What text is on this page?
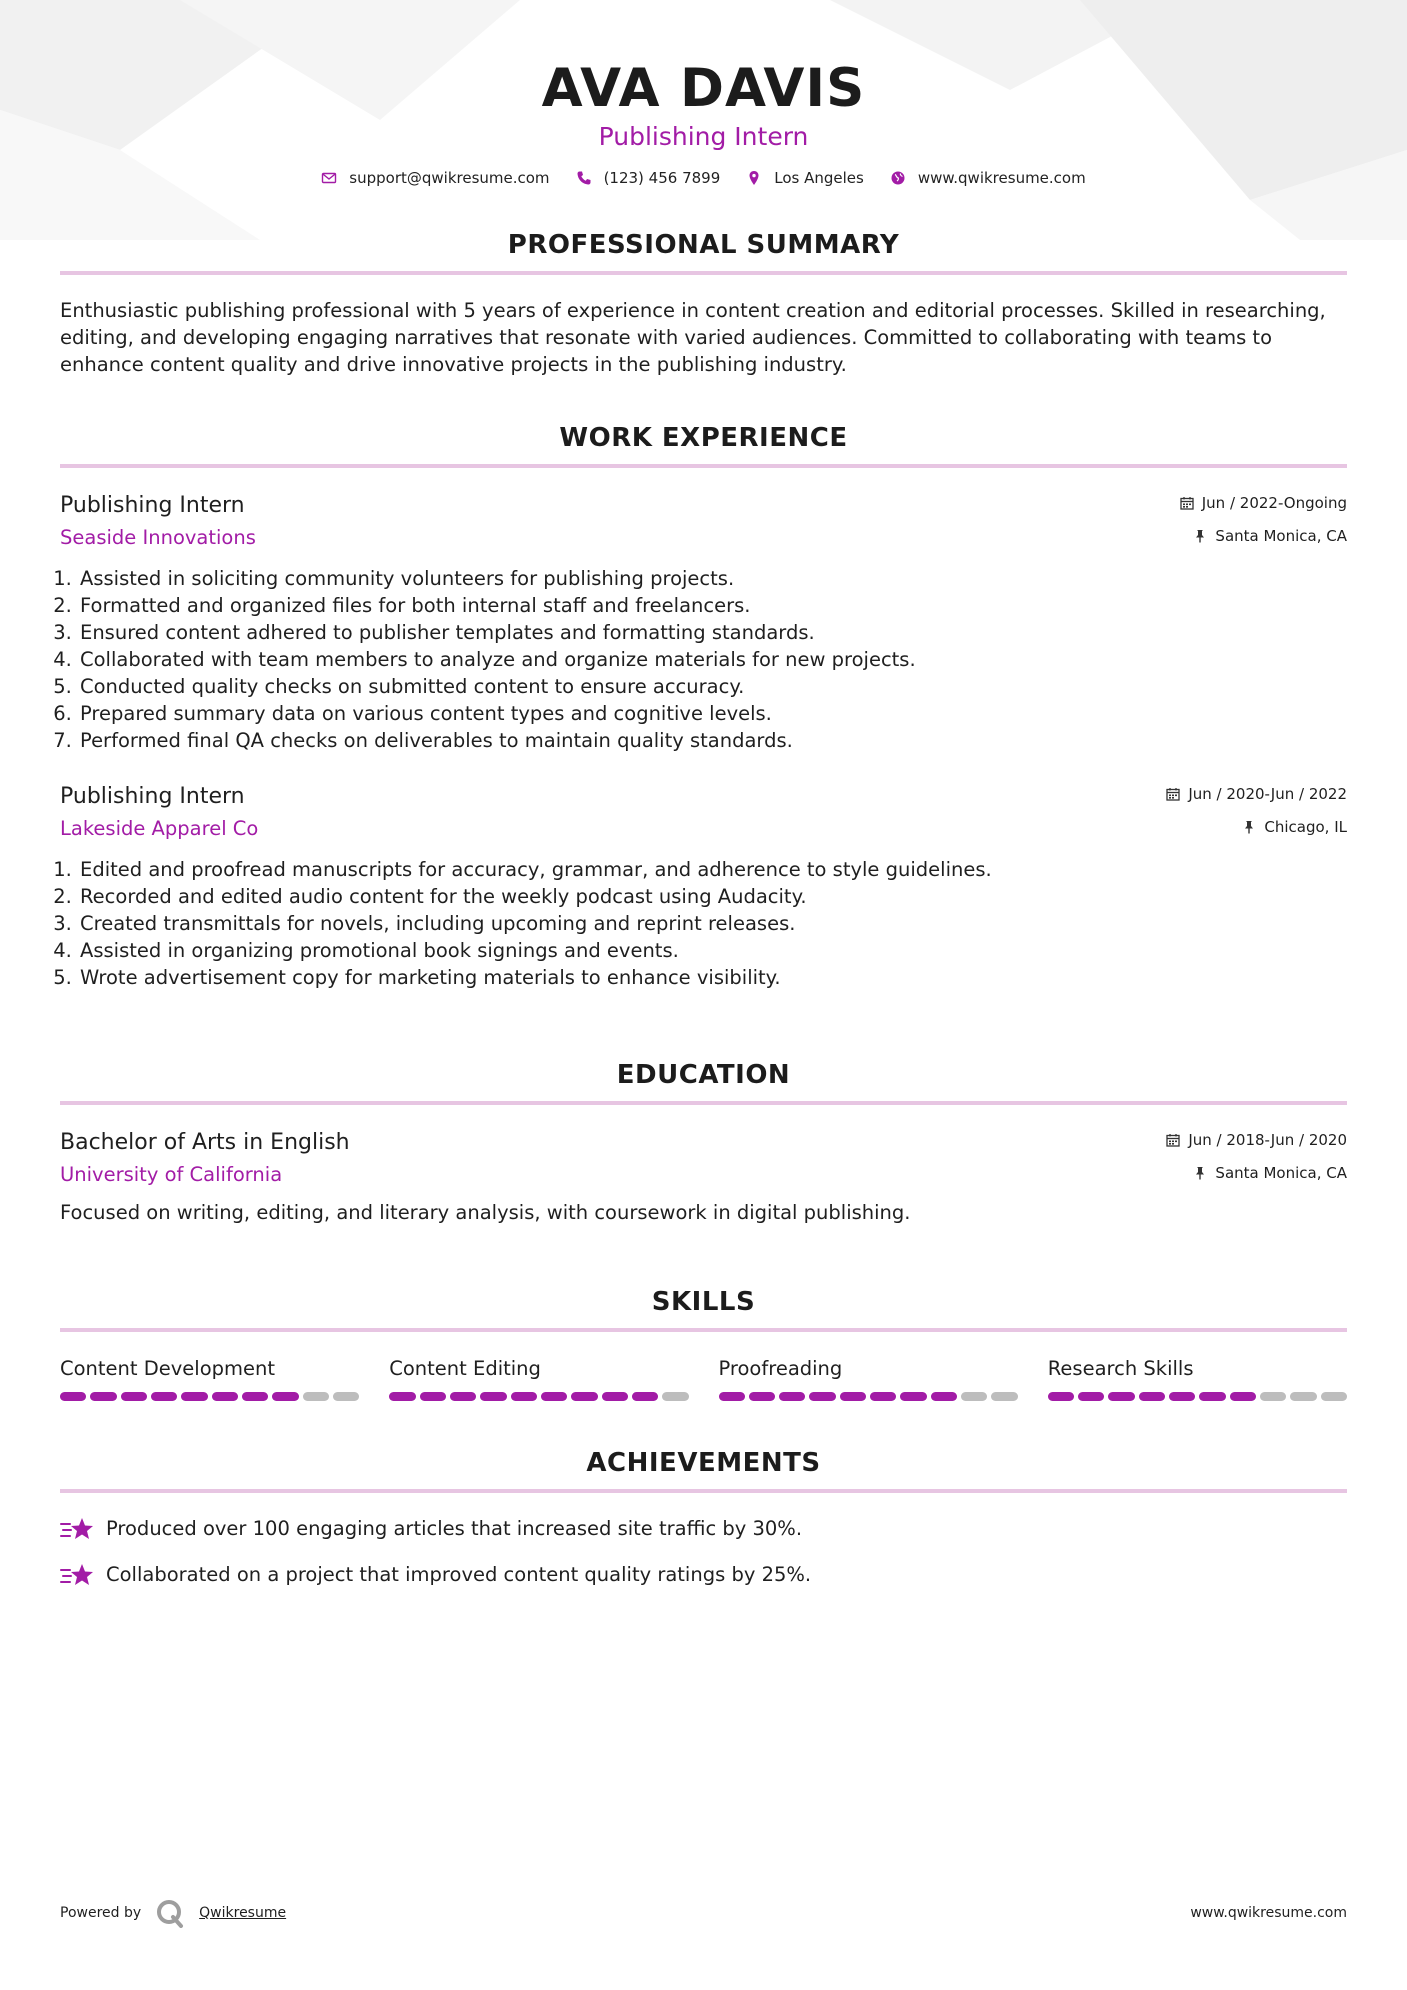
AVA DAVIS
Publishing Intern
support@qwikresume.com	(123) 456 7899	Los Angeles	www.qwikresume.com
PROFESSIONAL SUMMARY
Enthusiastic publishing professional with 5 years of experience in content creation and editorial processes. Skilled in researching, editing, and developing engaging narratives that resonate with varied audiences. Committed to collaborating with teams to enhance content quality and drive innovative projects in the publishing industry.
WORK EXPERIENCE
Publishing Intern
Seaside Innovations
Jun / 2022-Ongoing
Santa Monica, CA
1. Assisted in soliciting community volunteers for publishing projects.
2. Formatted and organized files for both internal staff and freelancers.
3. Ensured content adhered to publisher templates and formatting standards.
4. Collaborated with team members to analyze and organize materials for new projects.
5. Conducted quality checks on submitted content to ensure accuracy.
6. Prepared summary data on various content types and cognitive levels.
7. Performed final QA checks on deliverables to maintain quality standards.
Publishing Intern
Lakeside Apparel Co
Jun / 2020-Jun / 2022
Chicago, IL
1. Edited and proofread manuscripts for accuracy, grammar, and adherence to style guidelines.
2. Recorded and edited audio content for the weekly podcast using Audacity.
3. Created transmittals for novels, including upcoming and reprint releases.
4. Assisted in organizing promotional book signings and events.
5. Wrote advertisement copy for marketing materials to enhance visibility.
EDUCATION
Bachelor of Arts in English
University of California
Jun / 2018-Jun / 2020
Santa Monica, CA
Focused on writing, editing, and literary analysis, with coursework in digital publishing.
SKILLS
Content Development	Content Editing	Proofreading	Research Skills
ACHIEVEMENTS
Produced over 100 engaging articles that increased site traffic by 30%.
Collaborated on a project that improved content quality ratings by 25%.
Powered by	Qwikresume	www.qwikresume.com
